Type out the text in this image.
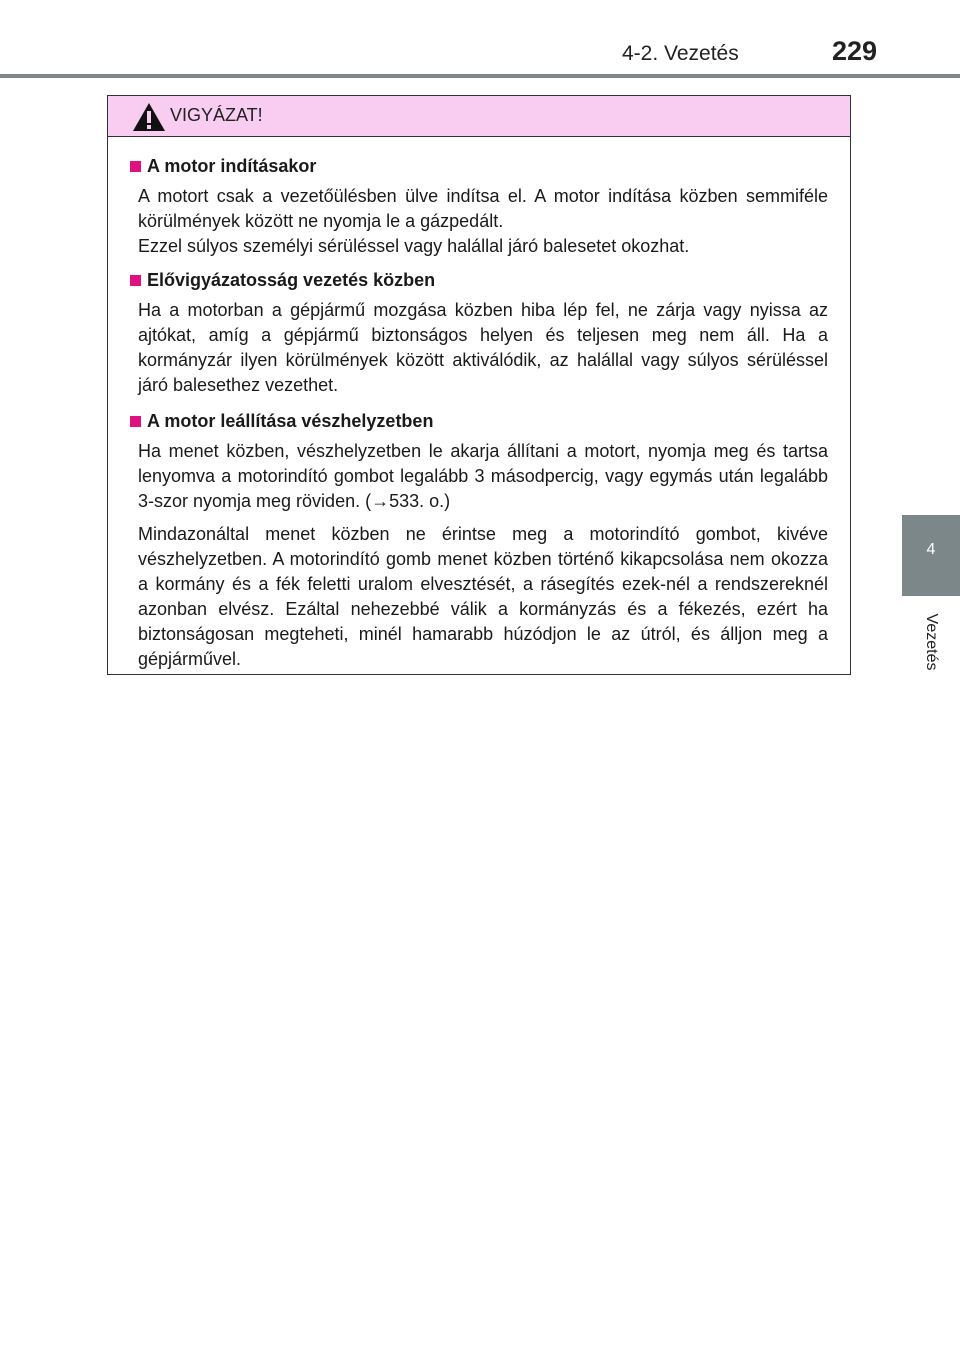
4-2. Vezetés	229
4
Vezetés
VIGYÁZAT!
A motor indításakor

A motort csak a vezetőülésben ülve indítsa el. A motor indítása közben semmiféle körülmények között ne nyomja le a gázpedált.
Ezzel súlyos személyi sérüléssel vagy halállal járó balesetet okozhat.

Elővigyázatosság vezetés közben

Ha a motorban a gépjármű mozgása közben hiba lép fel, ne zárja vagy nyissa az ajtókat, amíg a gépjármű biztonságos helyen és teljesen meg nem áll. Ha a kormányzár ilyen körülmények között aktiválódik, az halállal vagy súlyos sérüléssel járó balesethez vezethet.

A motor leállítása vészhelyzetben

Ha menet közben, vészhelyzetben le akarja állítani a motort, nyomja meg és tartsa lenyomva a motorindító gombot legalább 3 másodpercig, vagy egymás után legalább 3-szor nyomja meg röviden. (→533. o.)

Mindazonáltal menet közben ne érintse meg a motorindító gombot, kivéve vészhelyzetben. A motorindító gomb menet közben történő kikapcsolása nem okozza a kormány és a fék feletti uralom elvesztését, a rásegítés ezek-nél a rendszereknél azonban elvész. Ezáltal nehezebbé válik a kormányzás és a fékezés, ezért ha biztonságosan megteheti, minél hamarabb húzódjon le az útról, és álljon meg a gépjárművel.
